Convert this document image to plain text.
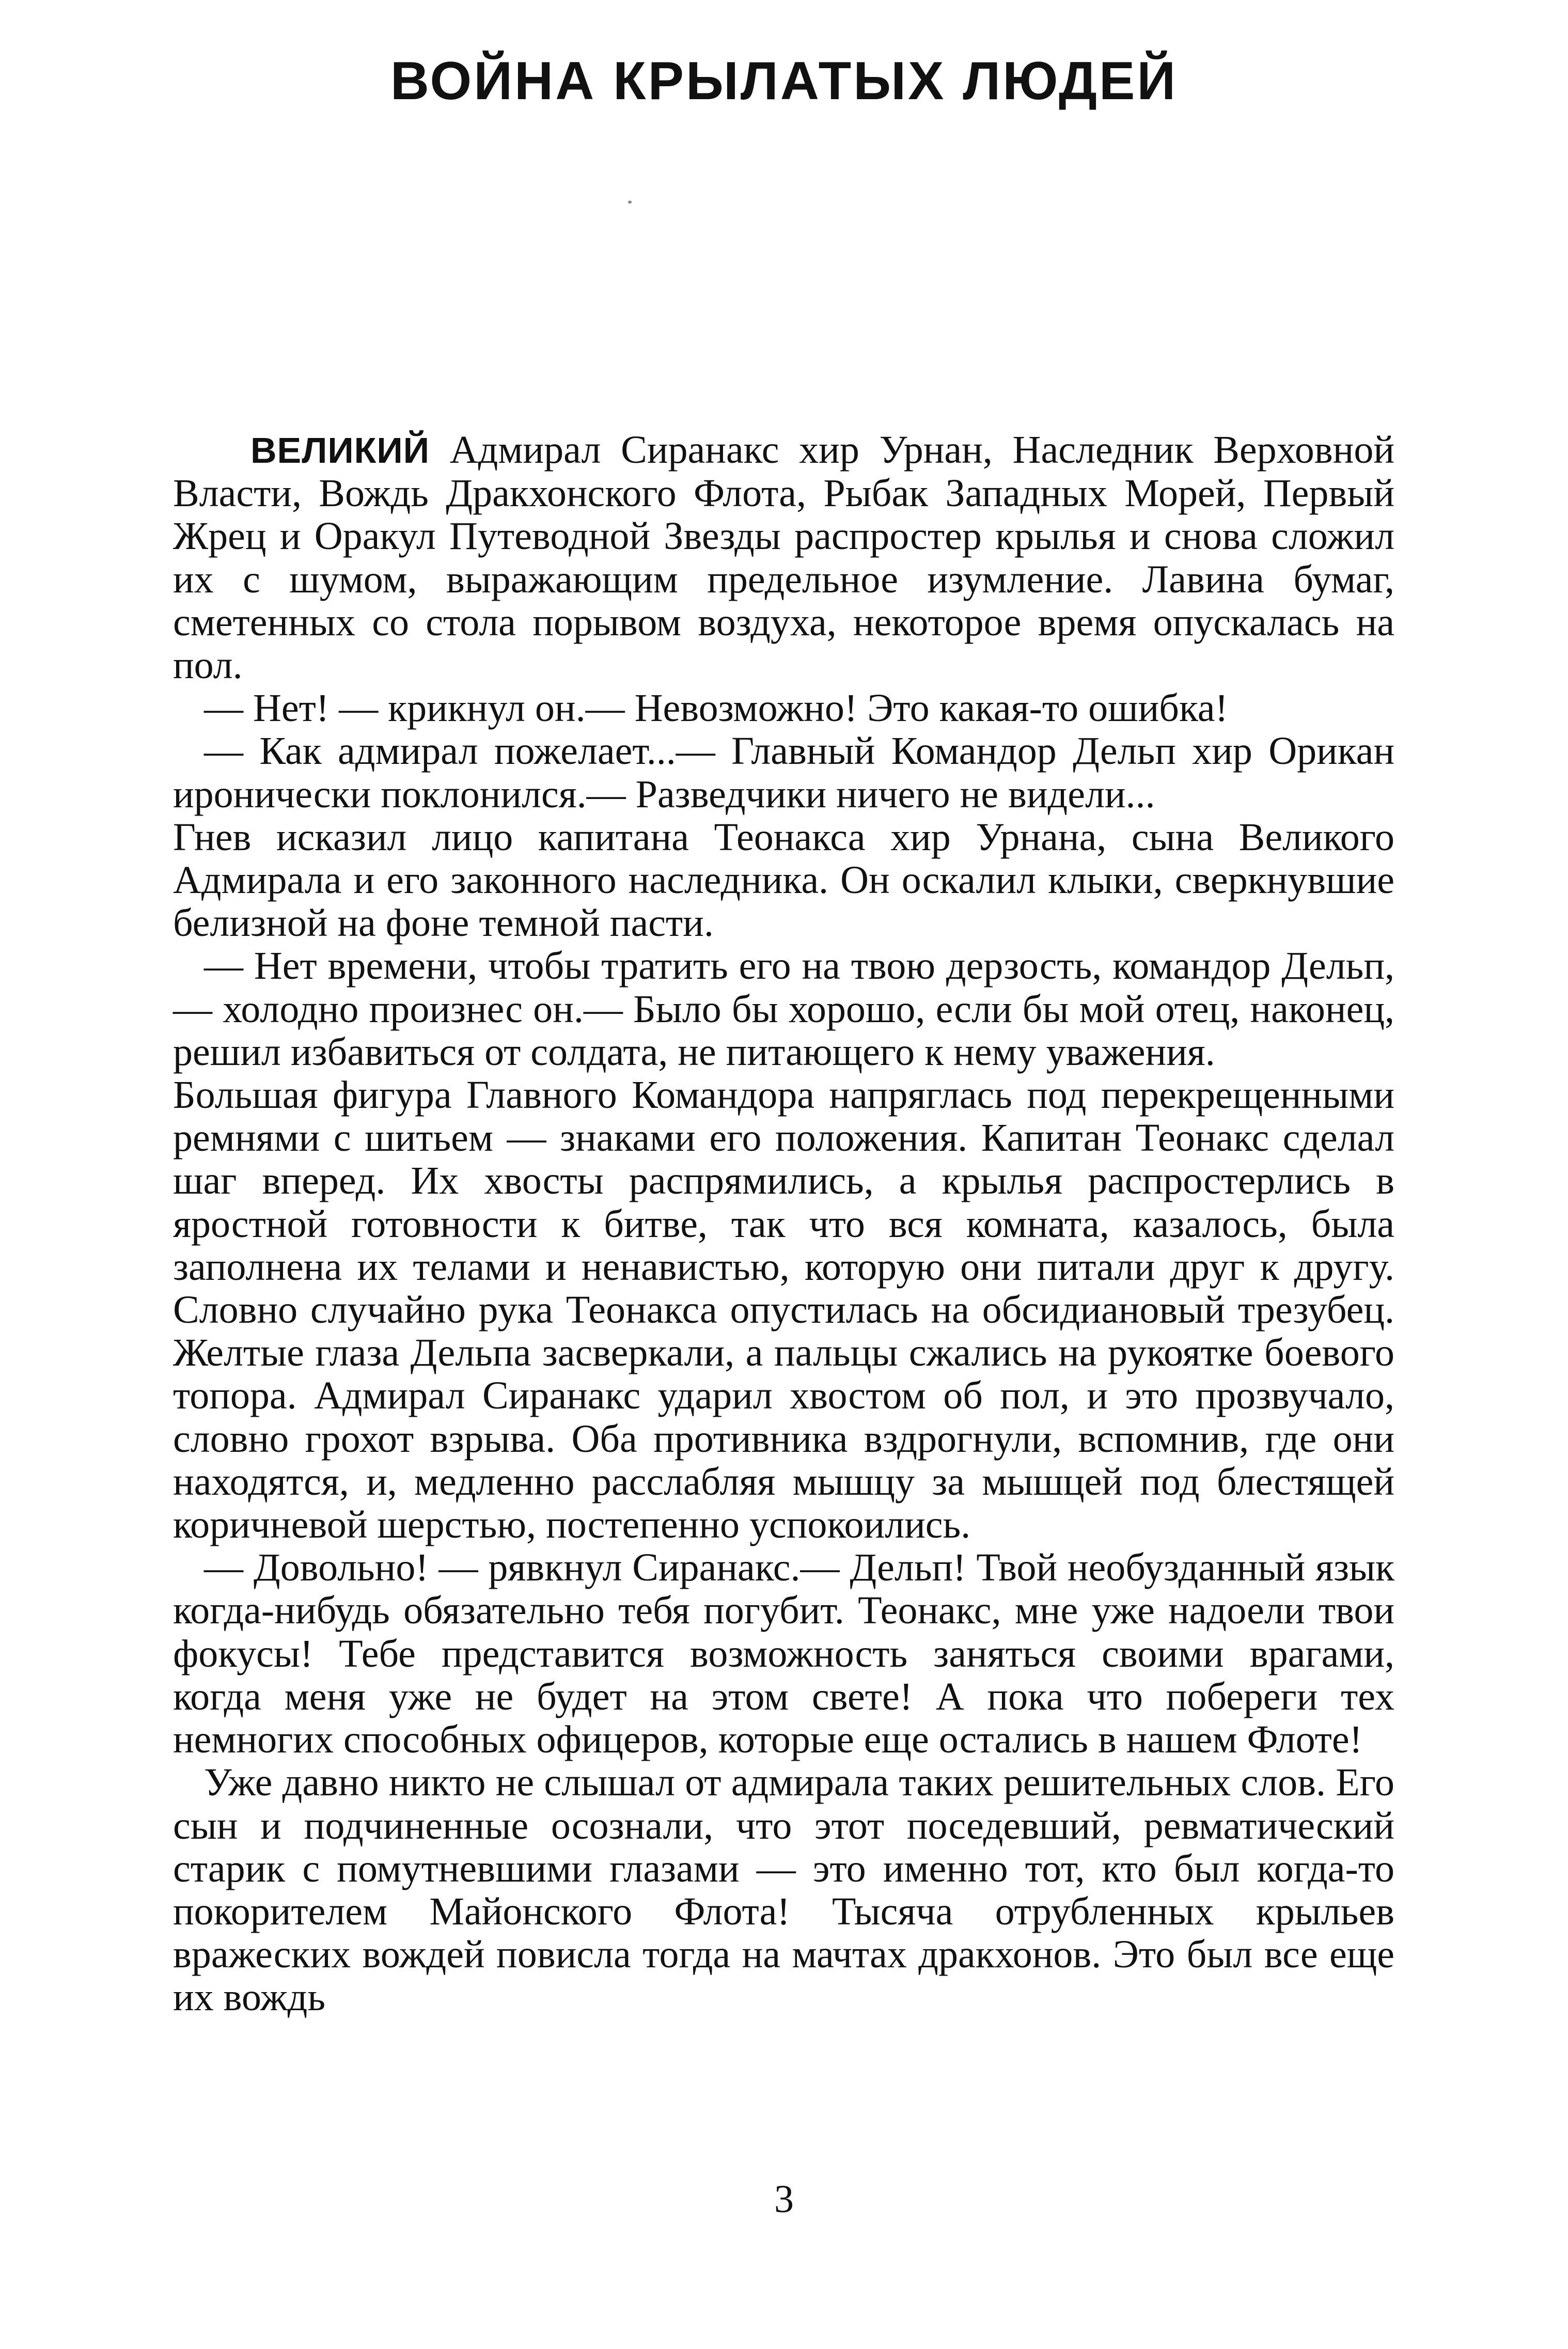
ВОЙНА КРЫЛАТЫХ ЛЮДЕЙ
*

ВЕЛИКИЙ Адмирал Сиранакс хир Урнан, Наследник Верховной Власти, Вождь Дракхонского Флота, Рыбак Западных Морей, Первый Жрец и Оракул Путеводной Звезды распростер крылья и снова сложил их с шумом, выражающим предельное изумление. Лавина бумаг, сметенных со стола порывом воздуха, некоторое время опускалась на пол.

— Нет! — крикнул он.— Невозможно! Это какая-то ошибка!

— Как адмирал пожелает...— Главный Командор Дельп хир Орикан иронически поклонился.— Разведчики ничего не видели...

Гнев исказил лицо капитана Теонакса хир Урнана, сына Великого Адмирала и его законного наследника. Он оскалил клыки, сверкнувшие белизной на фоне темной пасти.

— Нет времени, чтобы тратить его на твою дерзость, командор Дельп,— холодно произнес он.— Было бы хорошо, если бы мой отец, наконец, решил избавиться от солдата, не питающего к нему уважения.

Большая фигура Главного Командора напряглась под перекрещенными ремнями с шитьем — знаками его положения. Капитан Теонакс сделал шаг вперед. Их хвосты распрямились, а крылья распростерлись в яростной готовности к битве, так что вся комната, казалось, была заполнена их телами и ненавистью, которую они питали друг к другу. Словно случайно рука Теонакса опустилась на обсидиановый трезубец. Желтые глаза Дельпа засверкали, а пальцы сжались на рукоятке боевого топора. Адмирал Сиранакс ударил хвостом об пол, и это прозвучало, словно грохот взрыва. Оба противника вздрогнули, вспомнив, где они находятся, и, медленно расслабляя мышцу за мышцей под блестящей коричневой шерстью, постепенно успокоились.

— Довольно! — рявкнул Сиранакс.— Дельп! Твой необузданный язык когда-нибудь обязательно тебя погубит. Теонакс, мне уже надоели твои фокусы! Тебе представится возможность заняться своими врагами, когда меня уже не будет на этом свете! А пока что побереги тех немногих способных офицеров, которые еще остались в нашем Флоте!

Уже давно никто не слышал от адмирала таких решительных слов. Его сын и подчиненные осознали, что этот поседевший, ревматический старик с помутневшими глазами — это именно тот, кто был когда-то покорителем Майонского Флота! Тысяча отрубленных крыльев вражеских вождей повисла тогда на мачтах дракхонов. Это был все еще их вождь

3
